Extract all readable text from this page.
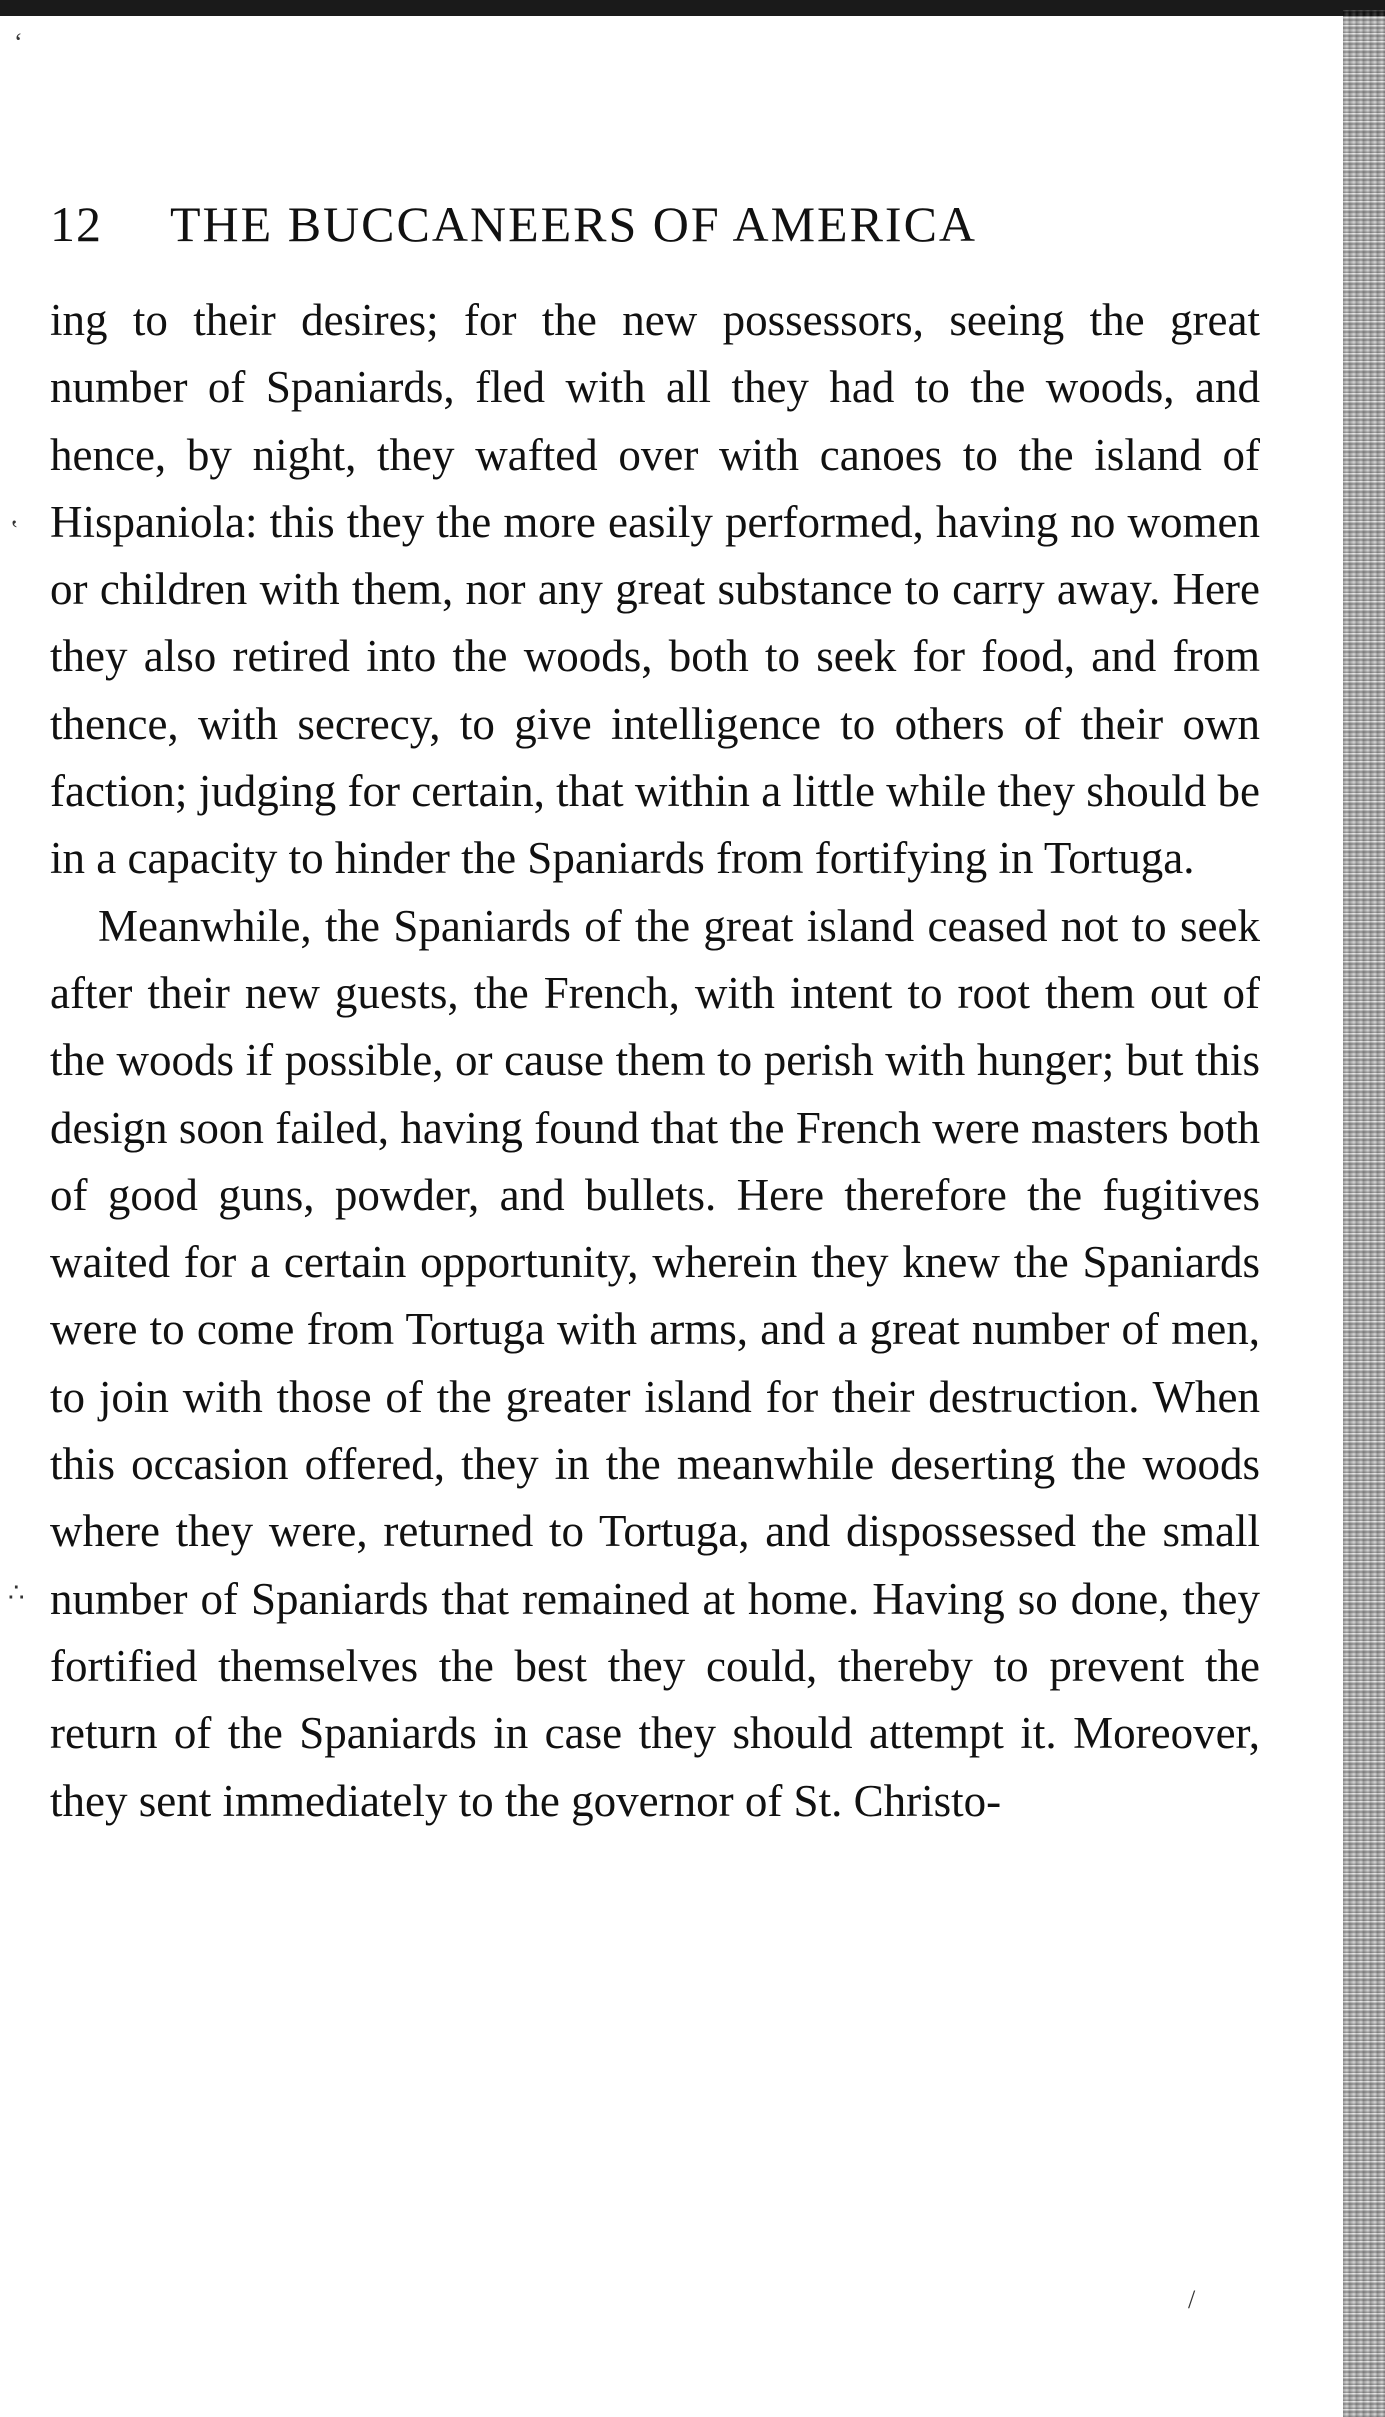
‘
‛
∴
/
12	THE BUCCANEERS OF AMERICA

ing to their desires; for the new possessors, seeing the great number of Spaniards, fled with all they had to the woods, and hence, by night, they wafted over with canoes to the island of Hispaniola: this they the more easily performed, having no women or children with them, nor any great substance to carry away. Here they also retired into the woods, both to seek for food, and from thence, with secrecy, to give intelligence to others of their own faction; judging for certain, that within a little while they should be in a capacity to hinder the Spaniards from fortifying in Tortuga.

Meanwhile, the Spaniards of the great island ceased not to seek after their new guests, the French, with intent to root them out of the woods if possible, or cause them to perish with hunger; but this design soon failed, having found that the French were masters both of good guns, powder, and bullets. Here therefore the fugitives waited for a certain opportunity, wherein they knew the Spaniards were to come from Tortuga with arms, and a great number of men, to join with those of the greater island for their destruction. When this occasion offered, they in the meanwhile deserting the woods where they were, returned to Tortuga, and dispossessed the small number of Spaniards that remained at home. Having so done, they fortified themselves the best they could, thereby to prevent the return of the Spaniards in case they should attempt it. Moreover, they sent immediately to the governor of St. Christo-
